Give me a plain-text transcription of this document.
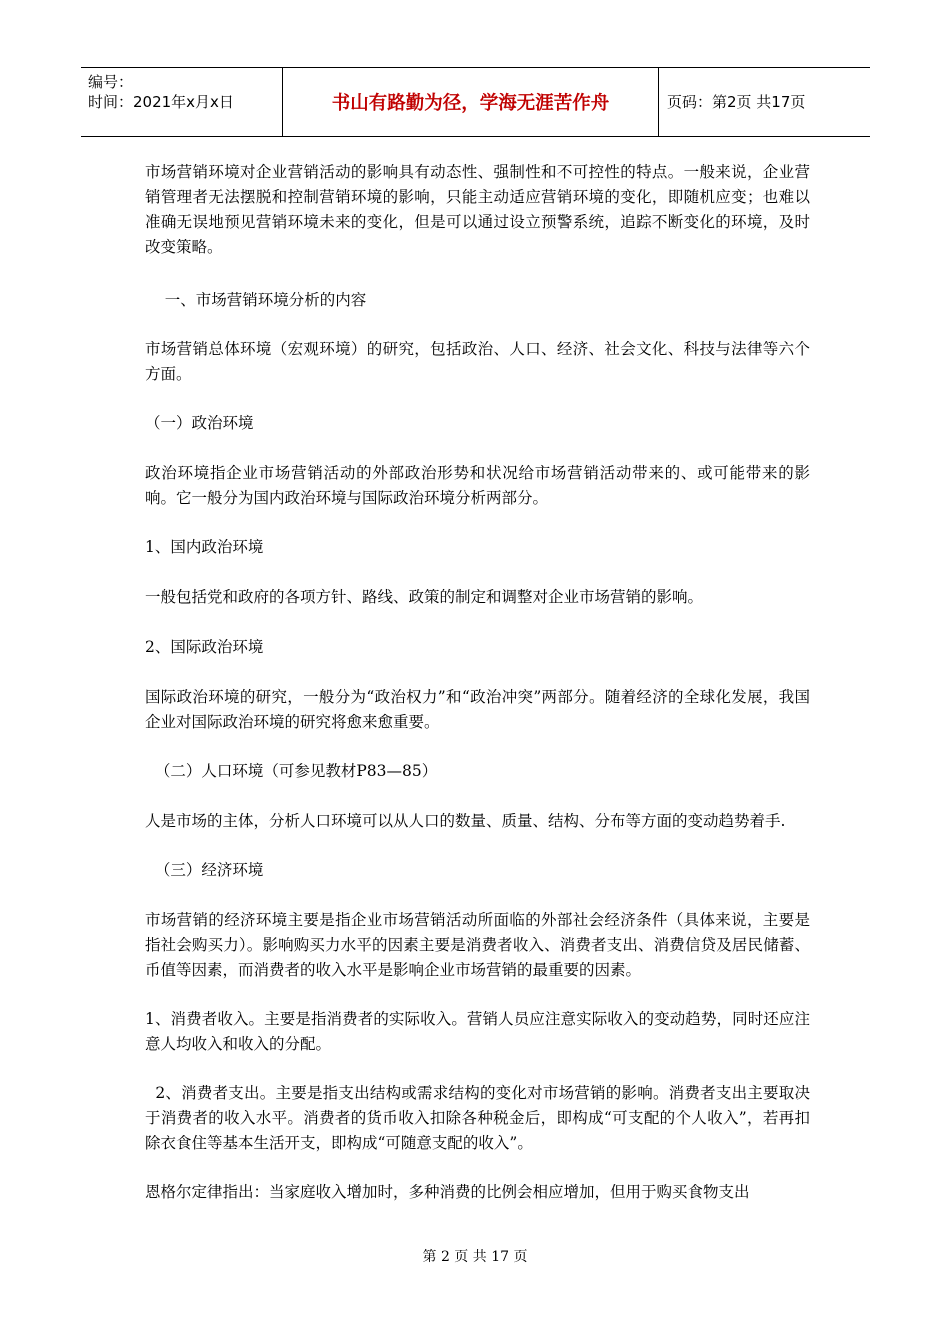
编号：
时间：2021年x月x日	书山有路勤为径，学海无涯苦作舟	页码：第2页 共17页

市场营销环境对企业营销活动的影响具有动态性、强制性和不可控性的特点。一般来说，企业营销管理者无法摆脱和控制营销环境的影响，只能主动适应营销环境的变化，即随机应变；也难以准确无误地预见营销环境未来的变化，但是可以通过设立预警系统，追踪不断变化的环境，及时改变策略。

一、市场营销环境分析的内容

市场营销总体环境（宏观环境）的研究，包括政治、人口、经济、社会文化、科技与法律等六个方面。

（一）政治环境

政治环境指企业市场营销活动的外部政治形势和状况给市场营销活动带来的、或可能带来的影响。它一般分为国内政治环境与国际政治环境分析两部分。

1、国内政治环境

一般包括党和政府的各项方针、路线、政策的制定和调整对企业市场营销的影响。

2、国际政治环境

国际政治环境的研究，一般分为“政治权力”和“政治冲突”两部分。随着经济的全球化发展，我国企业对国际政治环境的研究将愈来愈重要。

（二）人口环境（可参见教材P83—85）

人是市场的主体，分析人口环境可以从人口的数量、质量、结构、分布等方面的变动趋势着手.

（三）经济环境

市场营销的经济环境主要是指企业市场营销活动所面临的外部社会经济条件（具体来说，主要是指社会购买力）。影响购买力水平的因素主要是消费者收入、消费者支出、消费信贷及居民储蓄、币值等因素，而消费者的收入水平是影响企业市场营销的最重要的因素。

1、消费者收入。主要是指消费者的实际收入。营销人员应注意实际收入的变动趋势，同时还应注意人均收入和收入的分配。

2、消费者支出。主要是指支出结构或需求结构的变化对市场营销的影响。消费者支出主要取决于消费者的收入水平。消费者的货币收入扣除各种税金后，即构成“可支配的个人收入”，若再扣除衣食住等基本生活开支，即构成“可随意支配的收入”。

恩格尔定律指出：当家庭收入增加时，多种消费的比例会相应增加，但用于购买食物支出

第 2 页 共 17 页
